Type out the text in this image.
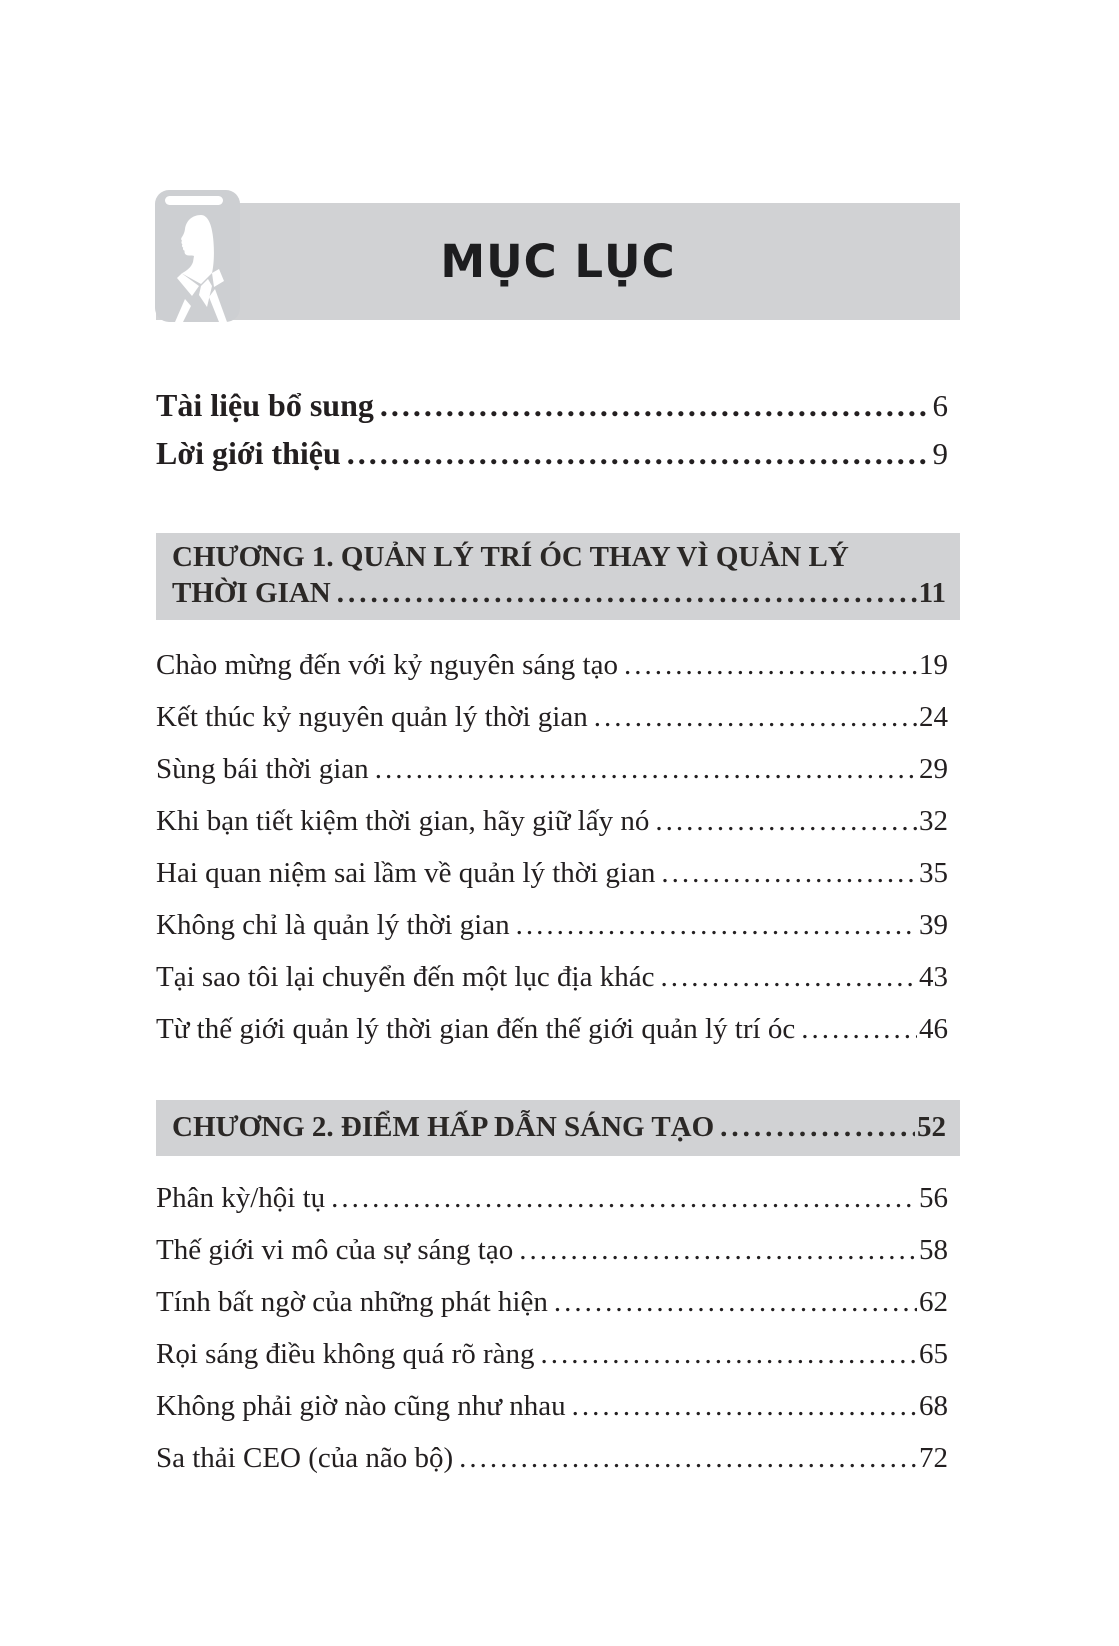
MỤC LỤC
Tài liệu bổ sung .....	6
Lời giới thiệu .....	9
CHƯƠNG 1. QUẢN LÝ TRÍ ÓC THAY VÌ QUẢN LÝ
THỜI GIAN .....	11
Chào mừng đến với kỷ nguyên sáng tạo .....	19
Kết thúc kỷ nguyên quản lý thời gian .....	24
Sùng bái thời gian .....	29
Khi bạn tiết kiệm thời gian, hãy giữ lấy nó .....	32
Hai quan niệm sai lầm về quản lý thời gian .....	35
Không chỉ là quản lý thời gian .....	39
Tại sao tôi lại chuyển đến một lục địa khác .....	43
Từ thế giới quản lý thời gian đến thế giới quản lý trí óc .....	46
CHƯƠNG 2. ĐIỂM HẤP DẪN SÁNG TẠO .....	52
Phân kỳ/hội tụ .....	56
Thế giới vi mô của sự sáng tạo .....	58
Tính bất ngờ của những phát hiện .....	62
Rọi sáng điều không quá rõ ràng .....	65
Không phải giờ nào cũng như nhau .....	68
Sa thải CEO (của não bộ) .....	72
